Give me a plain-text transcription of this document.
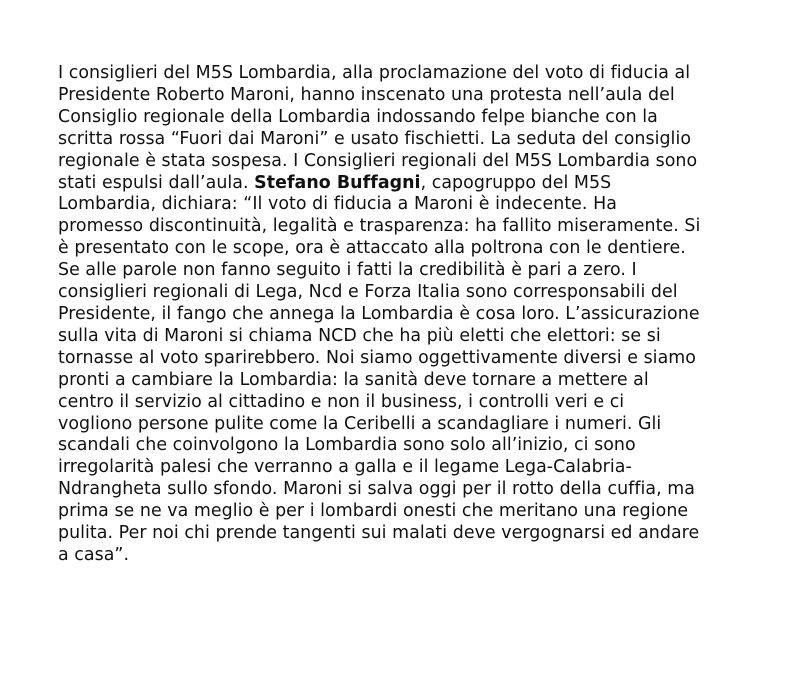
I consiglieri del M5S Lombardia, alla proclamazione del voto di fiducia al
Presidente Roberto Maroni, hanno inscenato una protesta nell’aula del
Consiglio regionale della Lombardia indossando felpe bianche con la
scritta rossa “Fuori dai Maroni” e usato fischietti. La seduta del consiglio
regionale è stata sospesa. I Consiglieri regionali del M5S Lombardia sono
stati espulsi dall’aula. Stefano Buffagni, capogruppo del M5S
Lombardia, dichiara: “Il voto di fiducia a Maroni è indecente. Ha
promesso discontinuità, legalità e trasparenza: ha fallito miseramente. Si
è presentato con le scope, ora è attaccato alla poltrona con le dentiere.
Se alle parole non fanno seguito i fatti la credibilità è pari a zero. I
consiglieri regionali di Lega, Ncd e Forza Italia sono corresponsabili del
Presidente, il fango che annega la Lombardia è cosa loro. L’assicurazione
sulla vita di Maroni si chiama NCD che ha più eletti che elettori: se si
tornasse al voto sparirebbero. Noi siamo oggettivamente diversi e siamo
pronti a cambiare la Lombardia: la sanità deve tornare a mettere al
centro il servizio al cittadino e non il business, i controlli veri e ci
vogliono persone pulite come la Ceribelli a scandagliare i numeri. Gli
scandali che coinvolgono la Lombardia sono solo all’inizio, ci sono
irregolarità palesi che verranno a galla e il legame Lega-Calabria-
Ndrangheta sullo sfondo. Maroni si salva oggi per il rotto della cuffia, ma
prima se ne va meglio è per i lombardi onesti che meritano una regione
pulita. Per noi chi prende tangenti sui malati deve vergognarsi ed andare
a casa”.
